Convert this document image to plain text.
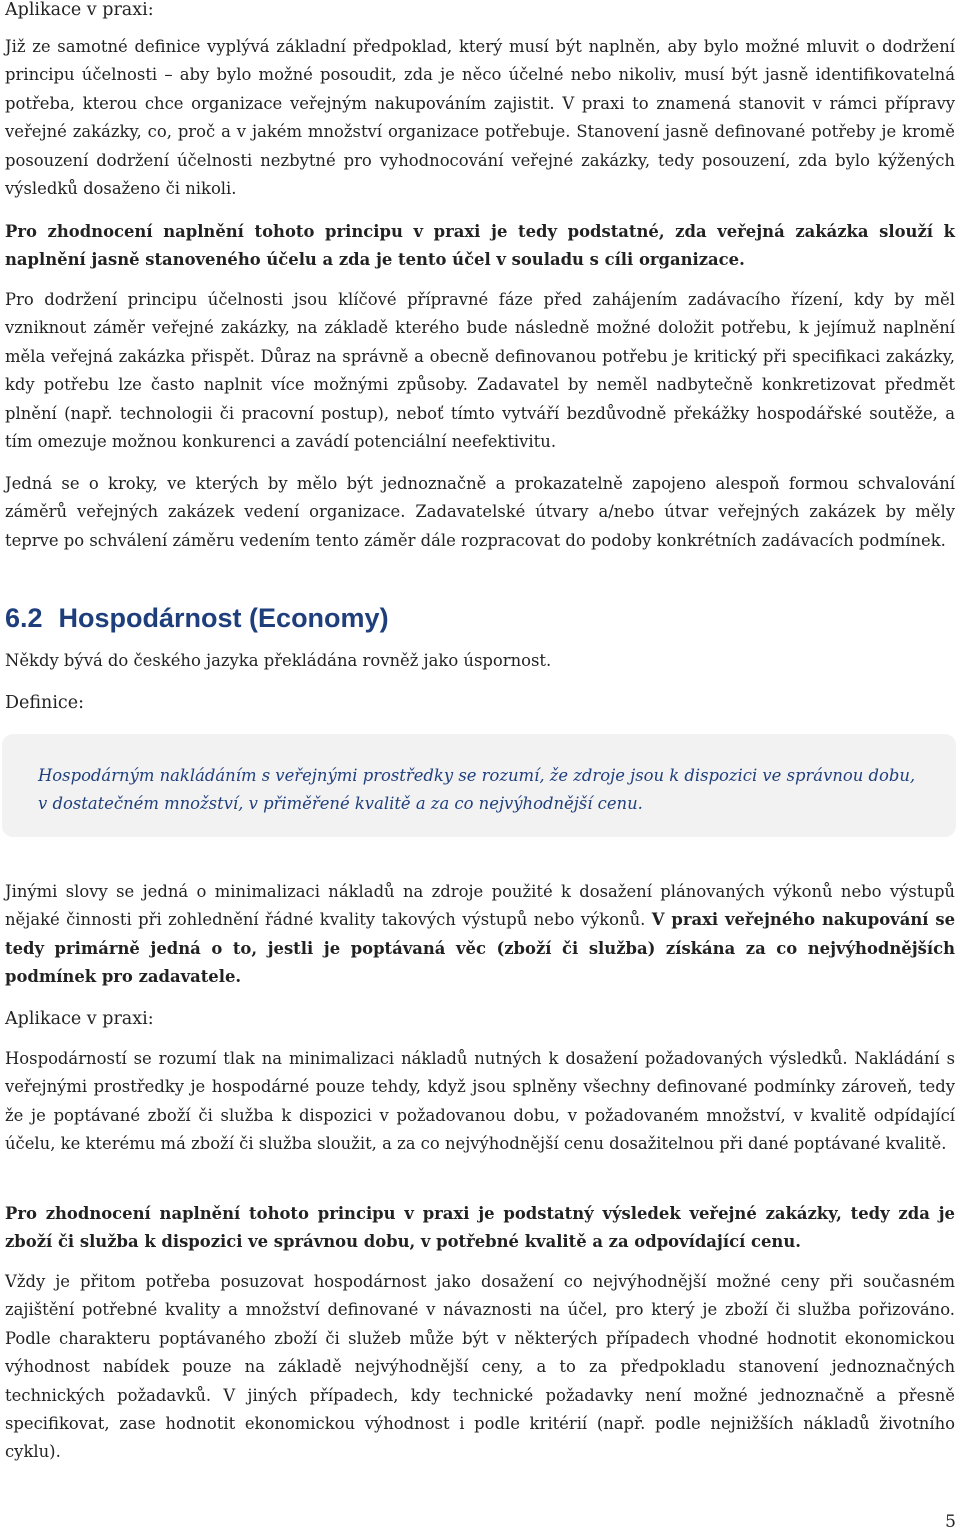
Aplikace v praxi:

Již ze samotné definice vyplývá základní předpoklad, který musí být naplněn, aby bylo možné mluvit o dodržení principu účelnosti – aby bylo možné posoudit, zda je něco účelné nebo nikoliv, musí být jasně identifikovatelná potřeba, kterou chce organizace veřejným nakupováním zajistit. V praxi to znamená stanovit v rámci přípravy veřejné zakázky, co, proč a v jakém množství organizace potřebuje. Stanovení jasně definované potřeby je kromě posouzení dodržení účelnosti nezbytné pro vyhodnocování veřejné zakázky, tedy posouzení, zda bylo kýžených výsledků dosaženo či nikoli.

Pro zhodnocení naplnění tohoto principu v praxi je tedy podstatné, zda veřejná zakázka slouží k naplnění jasně stanoveného účelu a zda je tento účel v souladu s cíli organizace.

Pro dodržení principu účelnosti jsou klíčové přípravné fáze před zahájením zadávacího řízení, kdy by měl vzniknout záměr veřejné zakázky, na základě kterého bude následně možné doložit potřebu, k jejímuž naplnění měla veřejná zakázka přispět. Důraz na správně a obecně definovanou potřebu je kritický při specifikaci zakázky, kdy potřebu lze často naplnit více možnými způsoby. Zadavatel by neměl nadbytečně konkretizovat předmět plnění (např. technologii či pracovní postup), neboť tímto vytváří bezdůvodně překážky hospodářské soutěže, a tím omezuje možnou konkurenci a zavádí potenciální neefektivitu.

Jedná se o kroky, ve kterých by mělo být jednoznačně a prokazatelně zapojeno alespoň formou schvalování záměrů veřejných zakázek vedení organizace. Zadavatelské útvary a/nebo útvar veřejných zakázek by měly teprve po schválení záměru vedením tento záměr dále rozpracovat do podoby konkrétních zadávacích podmínek.

6.2 Hospodárnost (Economy)

Někdy bývá do českého jazyka překládána rovněž jako úspornost.

Definice:

Hospodárným nakládáním s veřejnými prostředky se rozumí, že zdroje jsou k dispozici ve správnou dobu, v dostatečném množství, v přiměřené kvalitě a za co nejvýhodnější cenu.

Jinými slovy se jedná o minimalizaci nákladů na zdroje použité k dosažení plánovaných výkonů nebo výstupů nějaké činnosti při zohlednění řádné kvality takových výstupů nebo výkonů. V praxi veřejného nakupování se tedy primárně jedná o to, jestli je poptávaná věc (zboží či služba) získána za co nejvýhodnějších podmínek pro zadavatele.

Aplikace v praxi:

Hospodárností se rozumí tlak na minimalizaci nákladů nutných k dosažení požadovaných výsledků. Nakládání s veřejnými prostředky je hospodárné pouze tehdy, když jsou splněny všechny definované podmínky zároveň, tedy že je poptávané zboží či služba k dispozici v požadovanou dobu, v požadovaném množství, v kvalitě odpídající účelu, ke kterému má zboží či služba sloužit, a za co nejvýhodnější cenu dosažitelnou při dané poptávané kvalitě.

Pro zhodnocení naplnění tohoto principu v praxi je podstatný výsledek veřejné zakázky, tedy zda je zboží či služba k dispozici ve správnou dobu, v potřebné kvalitě a za odpovídající cenu.

Vždy je přitom potřeba posuzovat hospodárnost jako dosažení co nejvýhodnější možné ceny při současném zajištění potřebné kvality a množství definované v návaznosti na účel, pro který je zboží či služba pořizováno. Podle charakteru poptávaného zboží či služeb může být v některých případech vhodné hodnotit ekonomickou výhodnost nabídek pouze na základě nejvýhodnější ceny, a to za předpokladu stanovení jednoznačných technických požadavků. V jiných případech, kdy technické požadavky není možné jednoznačně a přesně specifikovat, zase hodnotit ekonomickou výhodnost i podle kritérií (např. podle nejnižších nákladů životního cyklu).

5
